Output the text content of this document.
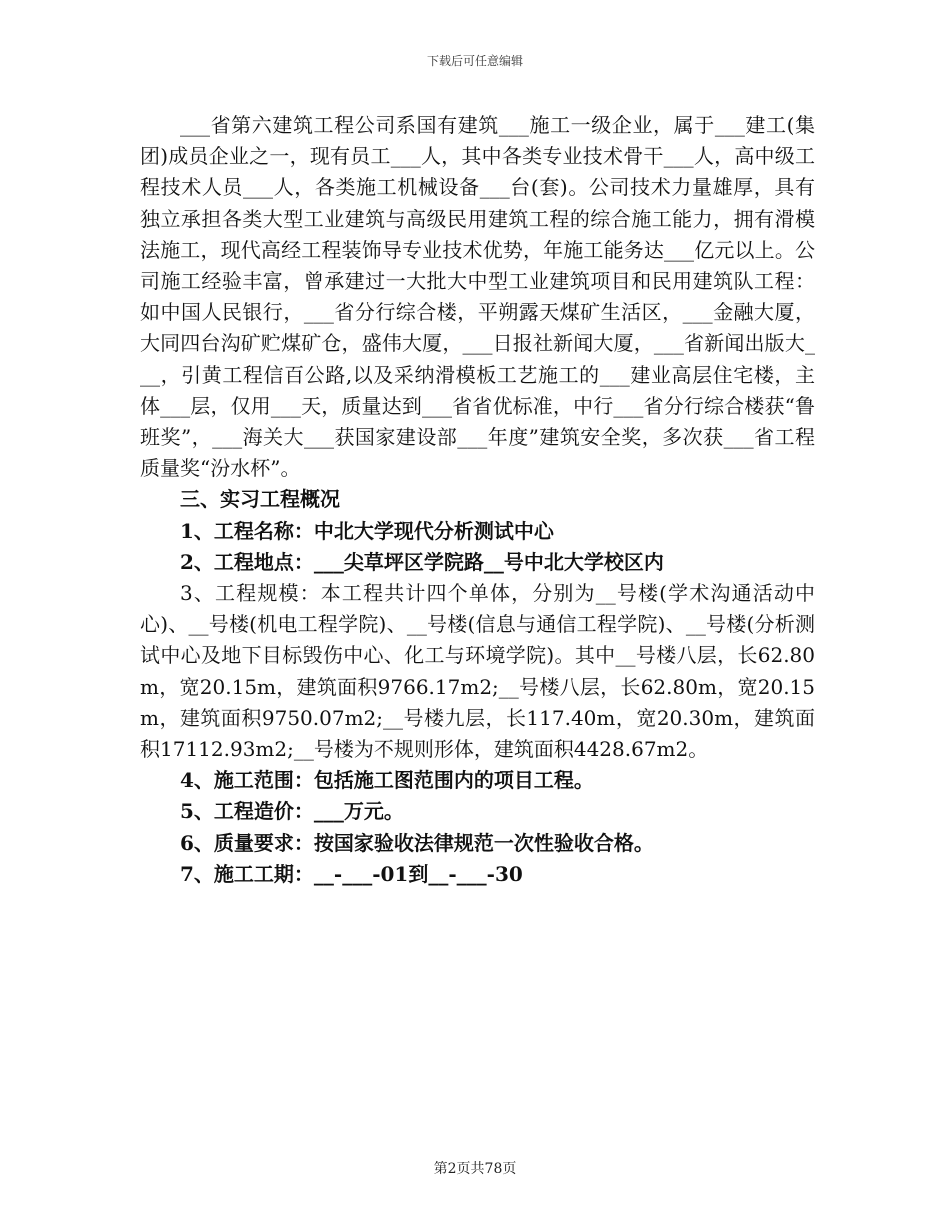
下载后可任意编辑

___省第六建筑工程公司系国有建筑___施工一级企业，属于___建工(集团)成员企业之一，现有员工___人，其中各类专业技术骨干___人，高中级工程技术人员___人，各类施工机械设备___台(套)。公司技术力量雄厚，具有独立承担各类大型工业建筑与高级民用建筑工程的综合施工能力，拥有滑模法施工，现代高经工程装饰导专业技术优势，年施工能务达___亿元以上。公司施工经验丰富，曾承建过一大批大中型工业建筑项目和民用建筑队工程：如中国人民银行，___省分行综合楼，平朔露天煤矿生活区，___金融大厦，大同四台沟矿贮煤矿仓，盛伟大厦，___日报社新闻大厦，___省新闻出版大___，引黄工程信百公路,以及采纳滑模板工艺施工的___建业高层住宅楼，主体___层，仅用___天，质量达到___省省优标准，中行___省分行综合楼获“鲁班奖”，___海关大___获国家建设部___年度”建筑安全奖，多次获___省工程质量奖“汾水杯”。

三、实习工程概况

1、工程名称：中北大学现代分析测试中心

2、工程地点：___尖草坪区学院路__号中北大学校区内

3、工程规模：本工程共计四个单体，分别为__号楼(学术沟通活动中心)、__号楼(机电工程学院)、__号楼(信息与通信工程学院)、__号楼(分析测试中心及地下目标毁伤中心、化工与环境学院)。其中__号楼八层，长62.80m，宽20.15m，建筑面积9766.17m2;__号楼八层，长62.80m，宽20.15m，建筑面积9750.07m2;__号楼九层，长117.40m，宽20.30m，建筑面积17112.93m2;__号楼为不规则形体，建筑面积4428.67m2。

4、施工范围：包括施工图范围内的项目工程。

5、工程造价：___万元。

6、质量要求：按国家验收法律规范一次性验收合格。

7、施工工期：__-___-01到__-___-30

第2页共78页
